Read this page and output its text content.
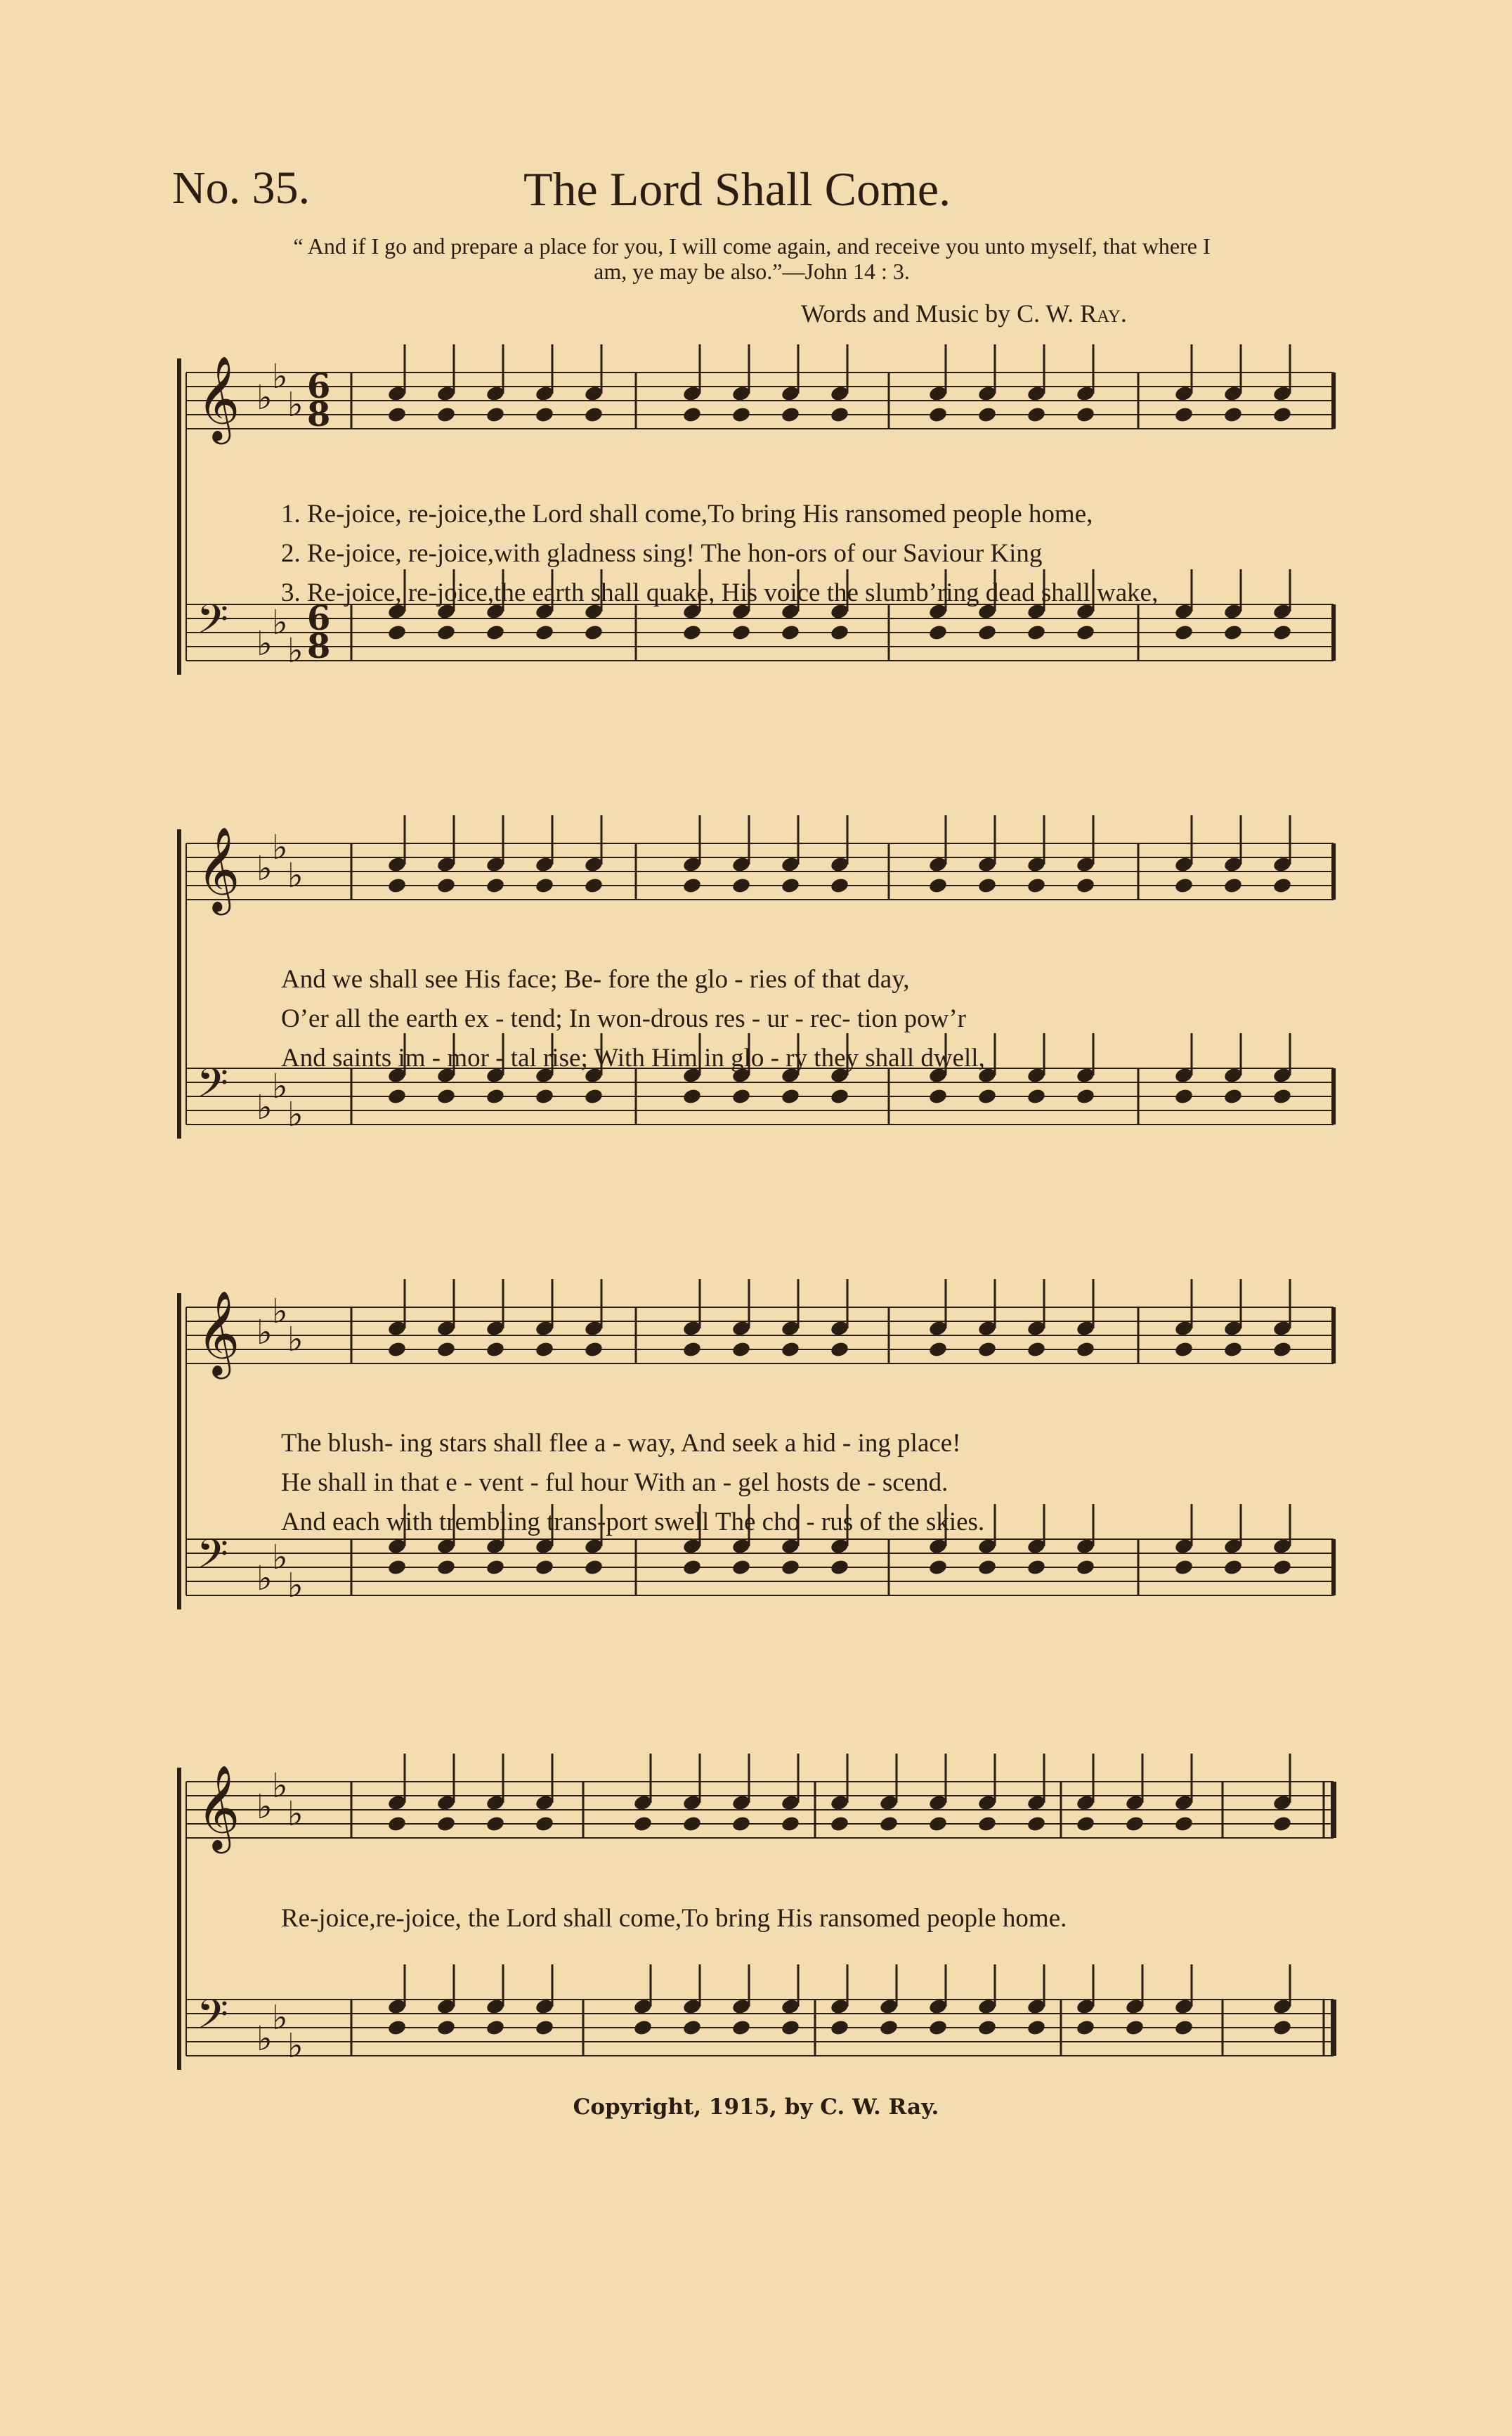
No. 35.	The Lord Shall Come.
“ And if I go and prepare a place for you, I will come again, and receive you unto myself, that where I am, ye may be also.”—John 14 : 3.
Words and Music by C. W. Ray.
𝄞
𝄢
♭
♭
♭
♭
♭
♭
6
8
6
8
𝄞
𝄢
♭
♭
♭
♭
♭
♭
𝄞
𝄢
♭
♭
♭
♭
♭
♭
𝄞
𝄢
♭
♭
♭
♭
♭
♭
1. Re-joice, re-joice,the Lord shall come,To bring His ransomed people home,
2. Re-joice, re-joice,with gladness sing! The hon-ors of our Saviour King
3. Re-joice, re-joice,the earth shall quake, His voice the slumb’ring dead shall wake,
And we shall see His face; Be- fore the glo - ries of that day,
O’er all the earth ex - tend; In won-drous res - ur - rec- tion pow’r
And saints im - mor - tal rise; With Him in glo - ry they shall dwell,
The blush- ing stars shall flee a - way, And seek a hid - ing place!
He shall in that e - vent - ful hour With an - gel hosts de - scend.
And each with trembling trans-port swell The cho - rus of the skies.
Re-joice,re-joice, the Lord shall come,To bring His ransomed people home.
Copyright, 1915, by C. W. Ray.
